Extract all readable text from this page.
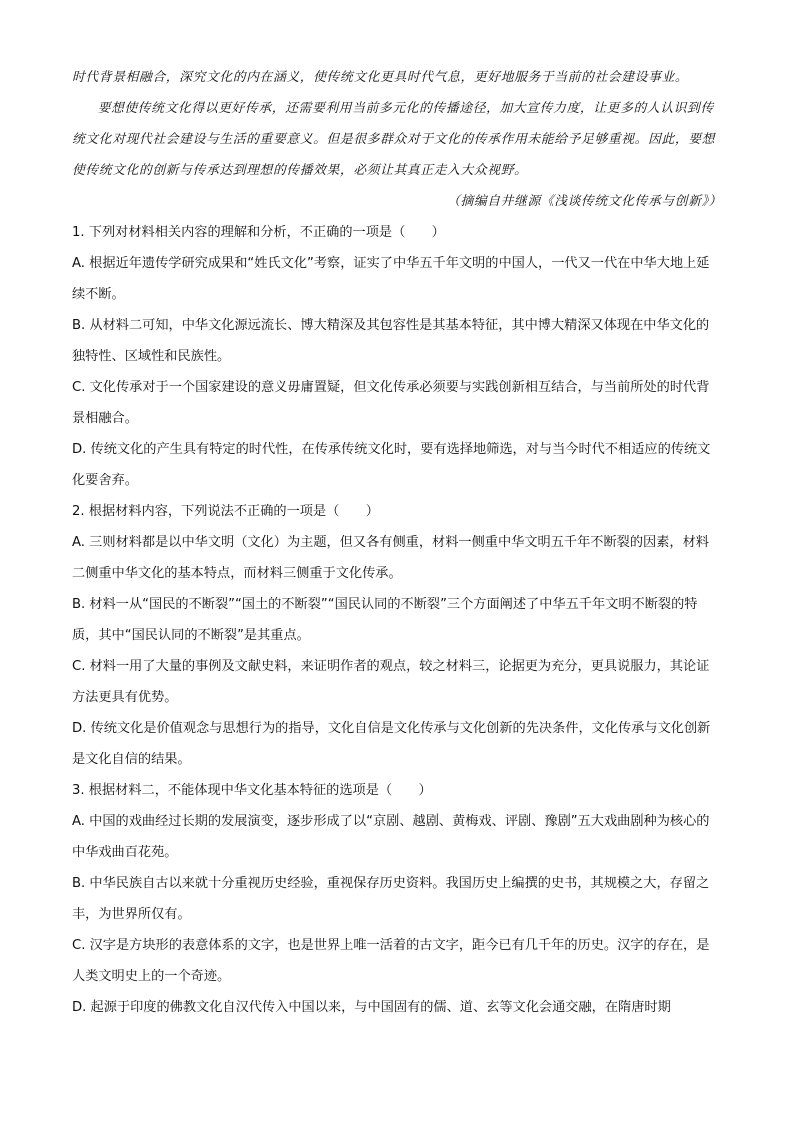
时代背景相融合，深究文化的内在涵义，使传统文化更具时代气息，更好地服务于当前的社会建设事业。

要想使传统文化得以更好传承，还需要利用当前多元化的传播途径，加大宣传力度，让更多的人认识到传统文化对现代社会建设与生活的重要意义。但是很多群众对于文化的传承作用未能给予足够重视。因此，要想使传统文化的创新与传承达到理想的传播效果，必须让其真正走入大众视野。

（摘编自井继源《浅谈传统文化传承与创新》）

1. 下列对材料相关内容的理解和分析，不正确的一项是（　　）

A. 根据近年遗传学研究成果和“姓氏文化”考察，证实了中华五千年文明的中国人，一代又一代在中华大地上延续不断。

B. 从材料二可知，中华文化源远流长、博大精深及其包容性是其基本特征，其中博大精深又体现在中华文化的独特性、区域性和民族性。

C. 文化传承对于一个国家建设的意义毋庸置疑，但文化传承必须要与实践创新相互结合，与当前所处的时代背景相融合。

D. 传统文化的产生具有特定的时代性，在传承传统文化时，要有选择地筛选，对与当今时代不相适应的传统文化要舍弃。

2. 根据材料内容，下列说法不正确的一项是（　　）

A. 三则材料都是以中华文明（文化）为主题，但又各有侧重，材料一侧重中华文明五千年不断裂的因素，材料二侧重中华文化的基本特点，而材料三侧重于文化传承。

B. 材料一从“国民的不断裂”“国土的不断裂”“国民认同的不断裂”三个方面阐述了中华五千年文明不断裂的特质，其中“国民认同的不断裂”是其重点。

C. 材料一用了大量的事例及文献史料，来证明作者的观点，较之材料三，论据更为充分，更具说服力，其论证方法更具有优势。

D. 传统文化是价值观念与思想行为的指导，文化自信是文化传承与文化创新的先决条件，文化传承与文化创新是文化自信的结果。

3. 根据材料二，不能体现中华文化基本特征的选项是（　　）

A. 中国的戏曲经过长期的发展演变，逐步形成了以“京剧、越剧、黄梅戏、评剧、豫剧”五大戏曲剧种为核心的中华戏曲百花苑。

B. 中华民族自古以来就十分重视历史经验，重视保存历史资料。我国历史上编撰的史书，其规模之大，存留之丰，为世界所仅有。

C. 汉字是方块形的表意体系的文字，也是世界上唯一活着的古文字，距今已有几千年的历史。汉字的存在，是人类文明史上的一个奇迹。

D. 起源于印度的佛教文化自汉代传入中国以来，与中国固有的儒、道、玄等文化会通交融，在隋唐时期
